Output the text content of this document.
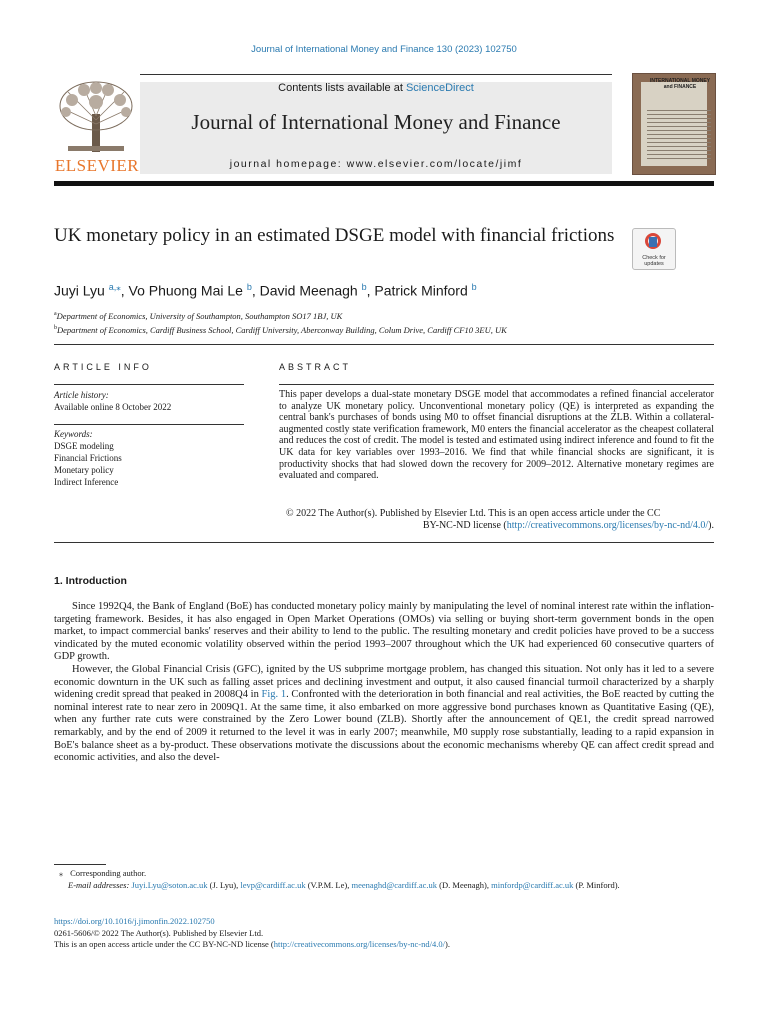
Journal of International Money and Finance 130 (2023) 102750
ELSEVIER
Contents lists available at ScienceDirect
Journal of International Money and Finance
journal homepage: www.elsevier.com/locate/jimf
INTERNATIONAL MONEY and FINANCE
UK monetary policy in an estimated DSGE model with financial frictions
Check for updates
Juyi Lyu $^{a,⁎}$, Vo Phuong Mai Le $^b$, David Meenagh $^b$, Patrick Minford $^b$
$^a$Department of Economics, University of Southampton, Southampton SO17 1BJ, UK
$^b$Department of Economics, Cardiff Business School, Cardiff University, Aberconway Building, Colum Drive, Cardiff CF10 3EU, UK
ARTICLE INFO	ABSTRACT
Article history:
Available online 8 October 2022
Keywords:
DSGE modeling
Financial Frictions
Monetary policy
Indirect Inference
This paper develops a dual-state monetary DSGE model that accommodates a refined financial accelerator to analyze UK monetary policy. Unconventional monetary policy (QE) is interpreted as expanding the central bank's purchases of bonds using M0 to offset financial disruptions at the ZLB. Within a collateral-augmented costly state verification framework, M0 enters the financial accelerator as the cheapest collateral and reduces the cost of credit. The model is tested and estimated using indirect inference and found to fit the UK data for key variables over 1993–2016. We find that while financial shocks are significant, it is productivity shocks that had slowed down the recovery for 2009–2012. Alternative monetary regimes are evaluated and compared.
© 2022 The Author(s). Published by Elsevier Ltd. This is an open access article under the CC
BY-NC-ND license (http://creativecommons.org/licenses/by-nc-nd/4.0/).
1. Introduction

Since 1992Q4, the Bank of England (BoE) has conducted monetary policy mainly by manipulating the level of nominal interest rate within the inflation-targeting framework. Besides, it has also engaged in Open Market Operations (OMOs) via selling or buying short-term government bonds in the open market, to impact commercial banks' reserves and their ability to lend to the public. The resulting monetary and credit policies have proved to be a success vindicated by the muted economic volatility observed within the period 1993–2007 throughout which the UK had experienced 60 consecutive quarters of GDP growth.

However, the Global Financial Crisis (GFC), ignited by the US subprime mortgage problem, has changed this situation. Not only has it led to a severe economic downturn in the UK such as falling asset prices and declining investment and output, it also caused financial turmoil characterized by a sharply widening credit spread that peaked in 2008Q4 in Fig. 1. Confronted with the deterioration in both financial and real activities, the BoE reacted by cutting the nominal interest rate to near zero in 2009Q1. At the same time, it also embarked on more aggressive bond purchases known as Quantitative Easing (QE), when any further rate cuts were constrained by the Zero Lower bound (ZLB). Shortly after the announcement of QE1, the credit spread narrowed remarkably, and by the end of 2009 it returned to the level it was in early 2007; meanwhile, M0 supply rose substantially, leading to a rapid expansion in BoE's balance sheet as a by-product. These observations motivate the discussions about the economic mechanisms whereby QE can affect credit spread and economic activities, and also the devel-

⁎ Corresponding author.
E-mail addresses: Juyi.Lyu@soton.ac.uk (J. Lyu), levp@cardiff.ac.uk (V.P.M. Le), meenaghd@cardiff.ac.uk (D. Meenagh), minfordp@cardiff.ac.uk (P. Minford).
https://doi.org/10.1016/j.jimonfin.2022.102750
0261-5606/© 2022 The Author(s). Published by Elsevier Ltd.
This is an open access article under the CC BY-NC-ND license (http://creativecommons.org/licenses/by-nc-nd/4.0/).
